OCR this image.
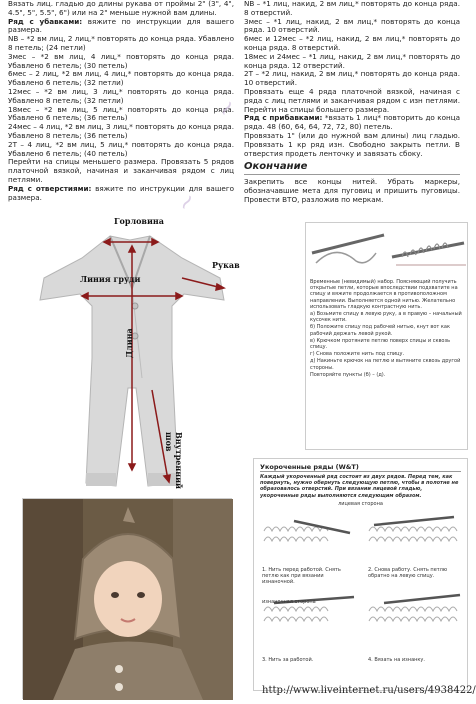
Вязать лиц. гладью до длины рукава от проймы 2" (3", 4", 4.5", 5", 5.5", 6") или на 2" меньше нужной вам длины.

Ряд с убавками: вяжите по инструкции для вашего размера.

NB – *2 вм лиц, 2 лиц,* повторять до конца ряда. Убавлено 8 петель; (24 петли)

3мес – *2 вм лиц, 4 лиц,* повторять до конца ряда. Убавлено 6 петель; (30 петель)

6мес – 2 лиц, *2 вм лиц, 4 лиц,* повторять до конца ряда. Убавлено 6 петель; (32 петли)

12мес – *2 вм лиц, 3 лиц,* повторять до конца ряда. Убавлено 8 петель; (32 петли)

18мес – *2 вм лиц, 5 лиц,* повторять до конца ряда. Убавлено 6 петель; (36 петель)

24мес – 4 лиц, *2 вм лиц, 3 лиц,* повторять до конца ряда. Убавлено 8 петель; (36 петель)

2T – 4 лиц, *2 вм лиц, 5 лиц,* повторять до конца ряда. Убавлено 6 петель; (40 петель)

Перейти на спицы меньшего размера. Провязать 5 рядов платочной вязкой, начиная и заканчивая рядом с лиц петлями.

Ряд с отверстиями: вяжите по инструкции для вашего размера.

NB – *1 лиц, накид, 2 вм лиц,* повторять до конца ряда. 8 отверстий.

3мес – *1 лиц, накид, 2 вм лиц,* повторять до конца ряда. 10 отверстий.

6мес и 12мес – *2 лиц, накид, 2 вм лиц,* повторять до конца ряда. 8 отверстий.

18мес и 24мес – *1 лиц, накид, 2 вм лиц,* повторять до конца ряда. 12 отверстий.

2T – *2 лиц, накид, 2 вм лиц,* повторять до конца ряда. 10 отверстий.

Провязать еще 4 ряда платочной вязкой, начиная с ряда с лиц петлями и заканчивая рядом с изн петлями. Перейти на спицы большего размера.

Ряд с прибавками: *вязать 1 лиц* повторить до конца ряда. 48 (60, 64, 64, 72, 72, 80) петель.

Провязать 1" (или до нужной вам длины) лиц гладью. Провязать 1 кр ряд изн. Свободно закрыть петли. В отверстия продеть ленточку и завязать сбоку.

Окончание

Закрепить все концы нитей. Убрать маркеры, обозначавшие мета для пуговиц и пришить пуговицы. Провести ВТО, разложив по меркам.

Горловина
Линия груди
Рукав
Длина
Внутренний шов

Временные (невидимый) набор. Поясняющий получить открытые петли, которые впоследствии подхватите на спицу и вяжите продолжается в противоположном направлении. Выполняется одной нитью. Желательно использовать гладкую контрастную нить.

а) Возьмите спицу в левую руку, а в правую – начальный кусочек нити.

б) Положите спицу под рабочей нитью, кнут вот как рабочий держать левой рукой.

в) Крючком протяните петлю поверх спицы и сквозь спицу.

г) Снова положите нить под спицу.

д) Накиньте крючок на петлю и вытяните сквозь другой стороны.

Повторяйте пункты (б) – (д).

Укороченные ряды (W&T)
Каждый укороченный ряд состоит из двух рядов. Перед тем, как повернуть, нужно обернуть следующую петлю, чтобы в полотне не образовалось отверстий. При вязании лицевой гладью, укороченные ряды выполняются следующим образом.
лицевая сторона
1. Нить перед работой. Снять петлю как при вязании изнаночной.
2. Снова работу. Снять петлю обратно на левую спицу.
изнаночная сторона
3. Нить за работой.	4. Вязать на изнанку.
~
~
http://www.liveinternet.ru/users/4938422/
